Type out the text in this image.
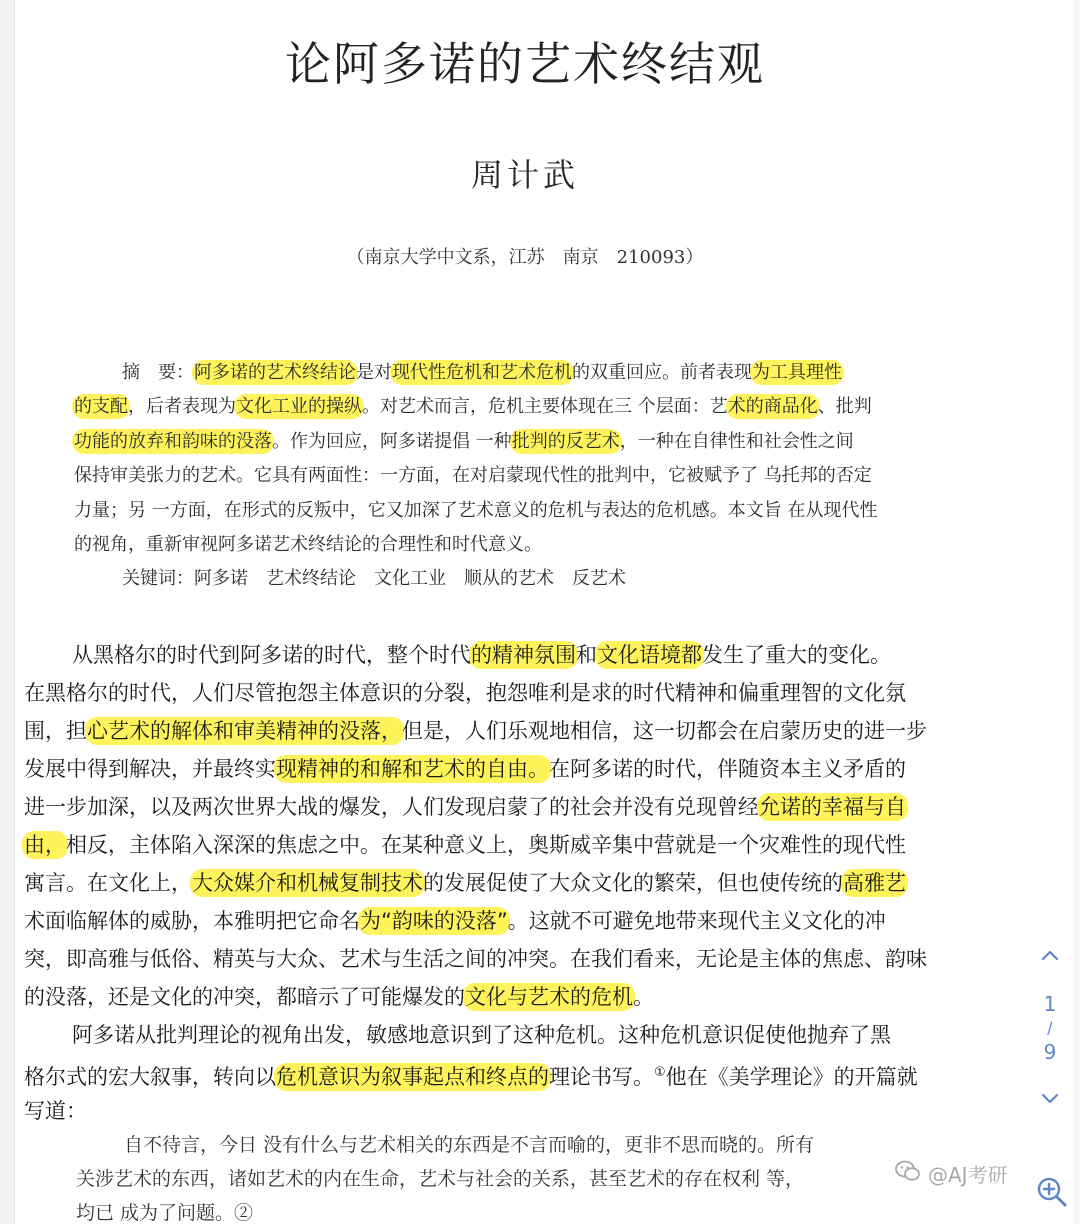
论阿多诺的艺术终结观
周计武
（南京大学中文系，江苏　南京　210093）
摘　要：阿多诺的艺术终结论是对现代性危机和艺术危机的双重回应。前者表现为工具理性
的支配，后者表现为文化工业的操纵。对艺术而言，危机主要体现在三 个层面：艺术的商品化、批判
功能的放弃和韵味的没落。作为回应，阿多诺提倡 一种批判的反艺术，一种在自律性和社会性之间
保持审美张力的艺术。它具有两面性：一方面，在对启蒙现代性的批判中，它被赋予了 乌托邦的否定
力量；另 一方面，在形式的反叛中，它又加深了艺术意义的危机与表达的危机感。本文旨 在从现代性
的视角，重新审视阿多诺艺术终结论的合理性和时代意义。
关键词：阿多诺　艺术终结论　文化工业　顺从的艺术　反艺术
从黑格尔的时代到阿多诺的时代，整个时代的精神氛围和文化语境都发生了重大的变化。
在黑格尔的时代，人们尽管抱怨主体意识的分裂，抱怨唯利是求的时代精神和偏重理智的文化氛
围，担心艺术的解体和审美精神的没落，但是，人们乐观地相信，这一切都会在启蒙历史的进一步
发展中得到解决，并最终实现精神的和解和艺术的自由。在阿多诺的时代，伴随资本主义矛盾的
进一步加深，以及两次世界大战的爆发，人们发现启蒙了的社会并没有兑现曾经允诺的幸福与自
由，相反，主体陷入深深的焦虑之中。在某种意义上，奥斯威辛集中营就是一个灾难性的现代性
寓言。在文化上，大众媒介和机械复制技术的发展促使了大众文化的繁荣，但也使传统的高雅艺
术面临解体的威胁，本雅明把它命名为“韵味的没落”。这就不可避免地带来现代主义文化的冲
突，即高雅与低俗、精英与大众、艺术与生活之间的冲突。在我们看来，无论是主体的焦虑、韵味
的没落，还是文化的冲突，都暗示了可能爆发的文化与艺术的危机。
阿多诺从批判理论的视角出发，敏感地意识到了这种危机。这种危机意识促使他抛弃了黑
格尔式的宏大叙事，转向以危机意识为叙事起点和终点的理论书写。①他在《美学理论》的开篇就
写道：
自不待言，今日 没有什么与艺术相关的东西是不言而喻的，更非不思而晓的。所有
关涉艺术的东西，诸如艺术的内在生命，艺术与社会的关系，甚至艺术的存在权利 等，
均已 成为了问题。②
1
/
9
@AJ考研
